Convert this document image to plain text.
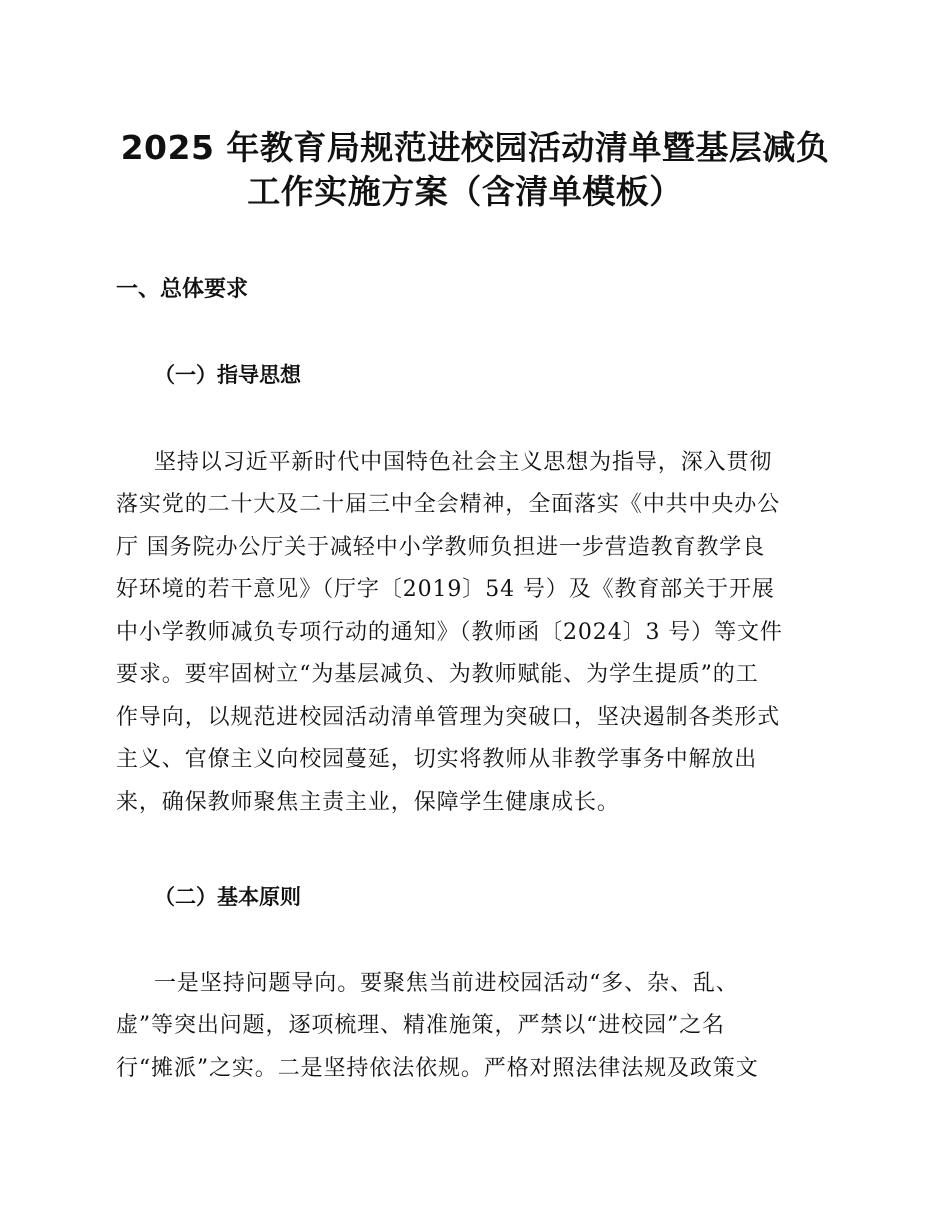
2025 年教育局规范进校园活动清单暨基层减负
工作实施方案（含清单模板）
一、总体要求
（一）指导思想
坚持以习近平新时代中国特色社会主义思想为指导，深入贯彻
落实党的二十大及二十届三中全会精神，全面落实《中共中央办公
厅 国务院办公厅关于减轻中小学教师负担进一步营造教育教学良
好环境的若干意见》（厅字〔2019〕54 号）及《教育部关于开展
中小学教师减负专项行动的通知》（教师函〔2024〕3 号）等文件
要求。要牢固树立“为基层减负、为教师赋能、为学生提质”的工
作导向，以规范进校园活动清单管理为突破口，坚决遏制各类形式
主义、官僚主义向校园蔓延，切实将教师从非教学事务中解放出
来，确保教师聚焦主责主业，保障学生健康成长。
（二）基本原则
一是坚持问题导向。要聚焦当前进校园活动“多、杂、乱、
虚”等突出问题，逐项梳理、精准施策，严禁以“进校园”之名
行“摊派”之实。二是坚持依法依规。严格对照法律法规及政策文
